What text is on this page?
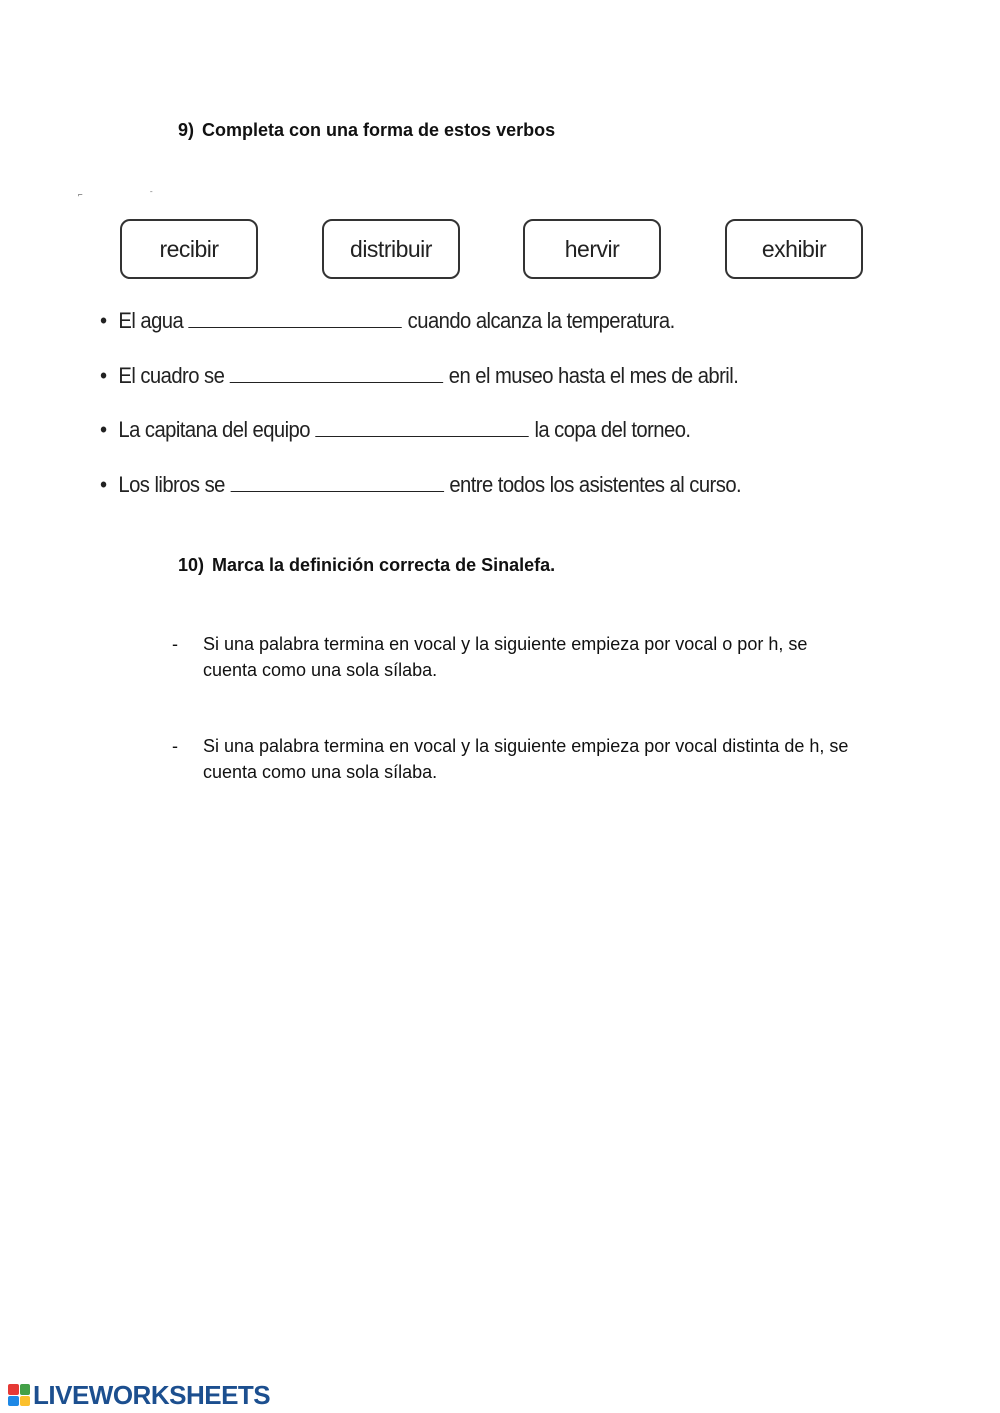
9) Completa con una forma de estos verbos
⌐	ˉ
recibir	distribuir	hervir	exhibir
• El agua	cuando alcanza la temperatura.
• El cuadro se	en el museo hasta el mes de abril.
• La capitana del equipo	la copa del torneo.
• Los libros se	entre todos los asistentes al curso.
10) Marca la definición correcta de Sinalefa.
- Si una palabra termina en vocal y la siguiente empieza por vocal o por h, se cuenta como una sola sílaba.
- Si una palabra termina en vocal y la siguiente empieza por vocal distinta de h, se cuenta como una sola sílaba.
LIVEWORKSHEETS
